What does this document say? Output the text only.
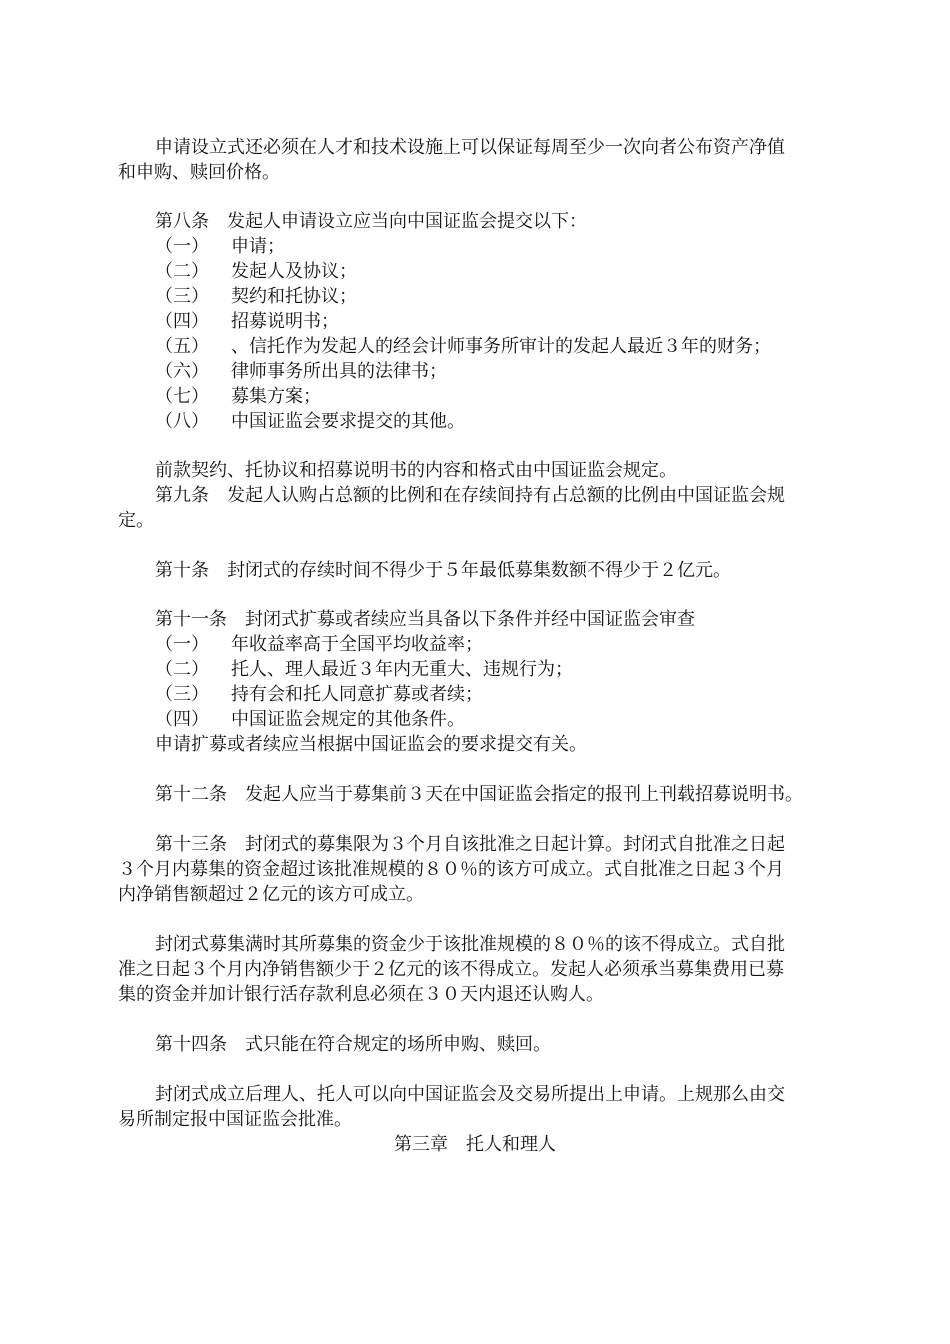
申请设立式还必须在人才和技术设施上可以保证每周至少一次向者公布资产净值
和申购、赎回价格。
第八条　发起人申请设立应当向中国证监会提交以下：
（一） 申请；
（二） 发起人及协议；
（三） 契约和托协议；
（四） 招募说明书；
（五） 、信托作为发起人的经会计师事务所审计的发起人最近３年的财务；
（六） 律师事务所出具的法律书；
（七） 募集方案；
（八） 中国证监会要求提交的其他。
前款契约、托协议和招募说明书的内容和格式由中国证监会规定。
第九条　发起人认购占总额的比例和在存续间持有占总额的比例由中国证监会规
定。
第十条　封闭式的存续时间不得少于５年最低募集数额不得少于２亿元。
第十一条　封闭式扩募或者续应当具备以下条件并经中国证监会审查
（一） 年收益率高于全国平均收益率；
（二） 托人、理人最近３年内无重大、违规行为；
（三） 持有会和托人同意扩募或者续；
（四） 中国证监会规定的其他条件。
申请扩募或者续应当根据中国证监会的要求提交有关。
第十二条　发起人应当于募集前３天在中国证监会指定的报刊上刊载招募说明书。
第十三条　封闭式的募集限为３个月自该批准之日起计算。封闭式自批准之日起
３个月内募集的资金超过该批准规模的８０％的该方可成立。式自批准之日起３个月
内净销售额超过２亿元的该方可成立。
封闭式募集满时其所募集的资金少于该批准规模的８０％的该不得成立。式自批
准之日起３个月内净销售额少于２亿元的该不得成立。发起人必须承当募集费用已募
集的资金并加计银行活存款利息必须在３０天内退还认购人。
第十四条　式只能在符合规定的场所申购、赎回。
封闭式成立后理人、托人可以向中国证监会及交易所提出上申请。上规那么由交
易所制定报中国证监会批准。
第三章　托人和理人
